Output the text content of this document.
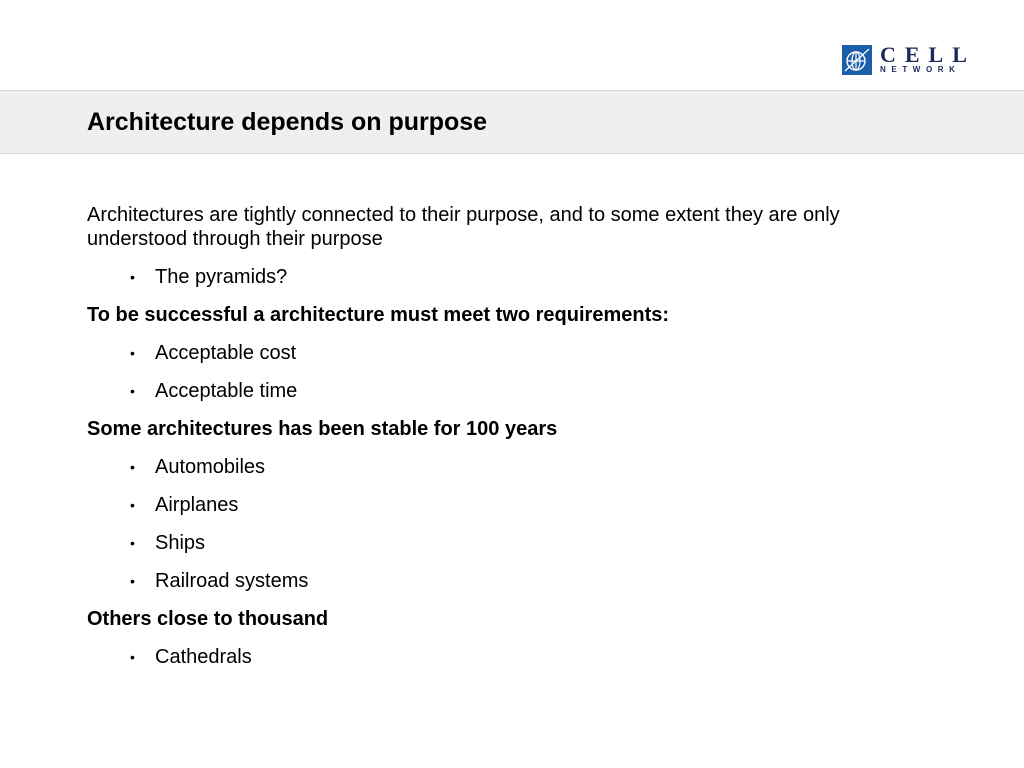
CELL
NETWORK
Architecture depends on purpose

Architectures are tightly connected to their purpose, and to some extent they are only understood through their purpose

• The pyramids?

To be successful a architecture must meet two requirements:

• Acceptable cost
• Acceptable time

Some architectures has been stable for 100 years

• Automobiles
• Airplanes
• Ships
• Railroad systems

Others close to thousand

• Cathedrals
